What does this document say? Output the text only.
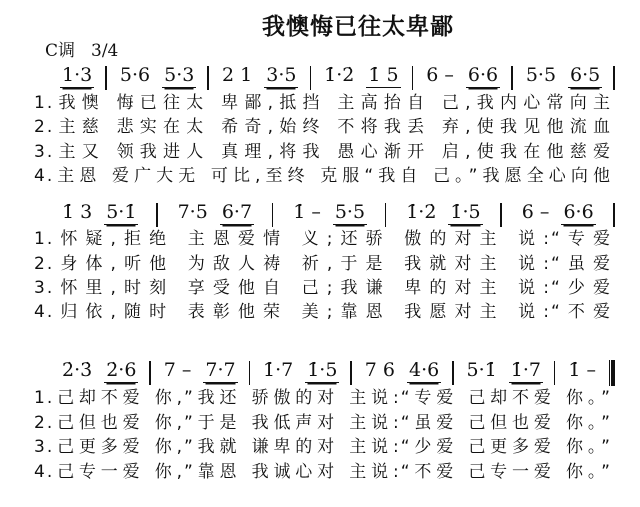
我懊悔已往太卑鄙
C调 3/4
1·3 5·6 5·3 2 1 3·5 1̇·2̇ 1̇ 5 6 – 6·6 5·5 6·5
1.我懊 悔已往太 卑鄙,抵挡 主高抬自 己,我内心常向主
2.主慈 悲实在太 希奇,始终 不将我丢 弃,使我见他流血
3.主又 领我进人 真理,将我 愚心渐开 启,使我在他慈爱
4.主恩 爱广大无 可比,至终 克服“我自 己。”我愿全心向他
1̇ 3 5·1̇ 7·5 6·7 1̇ – 5·5 1̇·2̇ 1̇·5 6 – 6·6
1.怀疑,拒绝 主恩爱情 义;还骄 傲的对主 说:“专爱
2.身体,听他 为敌人祷 祈,于是 我就对主 说:“虽爱
3.怀里,时刻 享受他自 己;我谦 卑的对主 说:“少爱
4.归依,随时 表彰他荣 美;靠恩 我愿对主 说:“不爱
2̇·3̇ 2̇·6 7 – 7·7 1̇·7 1̇·5 7 6 4·6 5·1̇ 1̇·7 1̇ –
1.己却不爱 你,”我还 骄傲的对 主说:“专爱 己却不爱 你。”
2.己但也爱 你,”于是 我低声对 主说:“虽爱 己但也爱 你。”
3.己更多爱 你,”我就 谦卑的对 主说:“少爱 己更多爱 你。”
4.己专一爱 你,”靠恩 我诚心对 主说:“不爱 己专一爱 你。”
